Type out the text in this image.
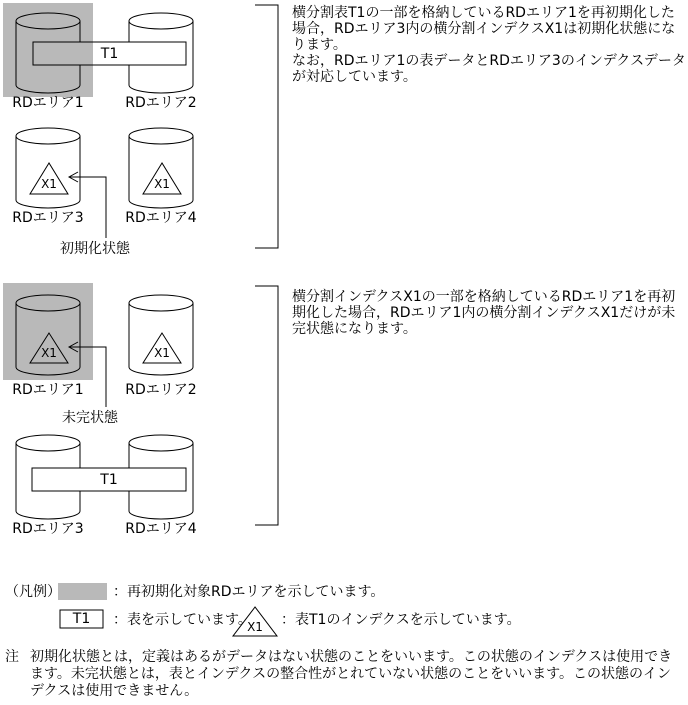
T1
RDエリア1	RDエリア2
X1	X1
RDエリア3	RDエリア4
初期化状態
横分割表T1の一部を格納しているRDエリア1を再初期化した
場合，RDエリア3内の横分割インデクスX1は初期化状態にな
ります。
なお，RDエリア1の表データとRDエリア3のインデクスデータ
が対応しています。
X1	X1
RDエリア1	RDエリア2
未完状態
T1
RDエリア3	RDエリア4
横分割インデクスX1の一部を格納しているRDエリア1を再初
期化した場合，RDエリア1内の横分割インデクスX1だけが未
完状態になります。
（凡例）	：再初期化対象RDエリアを示しています。
T1	：表を示しています。
X1	：表T1のインデクスを示しています。
注 初期化状態とは，定義はあるがデータはない状態のことをいいます。この状態のインデクスは使用でき
ます。未完状態とは，表とインデクスの整合性がとれていない状態のことをいいます。この状態のイン
デクスは使用できません。
